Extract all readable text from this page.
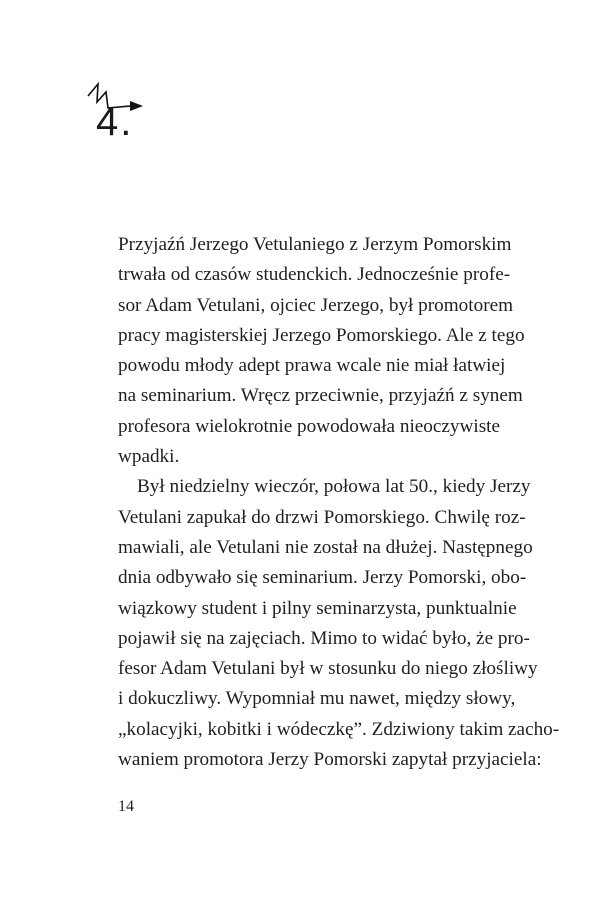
4.
Przyjaźń Jerzego Vetulaniego z Jerzym Pomorskim
trwała od czasów studenckich. Jednocześnie profe-
sor Adam Vetulani, ojciec Jerzego, był promotorem
pracy magisterskiej Jerzego Pomorskiego. Ale z tego
powodu młody adept prawa wcale nie miał łatwiej
na seminarium. Wręcz przeciwnie, przyjaźń z synem
profesora wielokrotnie powodowała nieoczywiste
wpadki.
Był niedzielny wieczór, połowa lat 50., kiedy Jerzy
Vetulani zapukał do drzwi Pomorskiego. Chwilę roz-
mawiali, ale Vetulani nie został na dłużej. Następnego
dnia odbywało się seminarium. Jerzy Pomorski, obo-
wiązkowy student i pilny seminarzysta, punktualnie
pojawił się na zajęciach. Mimo to widać było, że pro-
fesor Adam Vetulani był w stosunku do niego złośliwy
i dokuczliwy. Wypomniał mu nawet, między słowy,
„kolacyjki, kobitki i wódeczkę”. Zdziwiony takim zacho-
waniem promotora Jerzy Pomorski zapytał przyjaciela:
14
